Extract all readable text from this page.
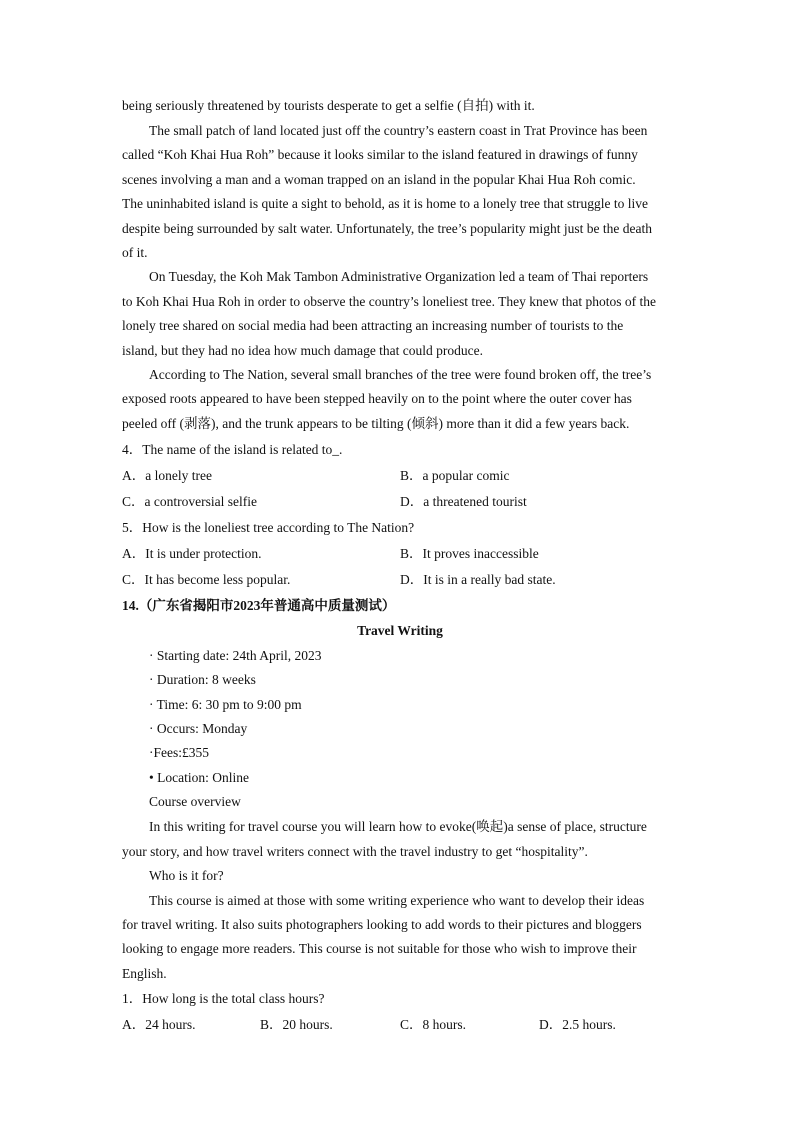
being seriously threatened by tourists desperate to get a selfie (自拍) with it.
The small patch of land located just off the country’s eastern coast in Trat Province has been
called “Koh Khai Hua Roh” because it looks similar to the island featured in drawings of funny
scenes involving a man and a woman trapped on an island in the popular Khai Hua Roh comic.
The uninhabited island is quite a sight to behold, as it is home to a lonely tree that struggle to live
despite being surrounded by salt water. Unfortunately, the tree’s popularity might just be the death
of it.
On Tuesday, the Koh Mak Tambon Administrative Organization led a team of Thai reporters
to Koh Khai Hua Roh in order to observe the country’s loneliest tree. They knew that photos of the
lonely tree shared on social media had been attracting an increasing number of tourists to the
island, but they had no idea how much damage that could produce.
According to The Nation, several small branches of the tree were found broken off, the tree’s
exposed roots appeared to have been stepped heavily on to the point where the outer cover has
peeled off (剥落), and the trunk appears to be tilting (倾斜) more than it did a few years back.
4．The name of the island is related to_.
A．a lonely tree	B．a popular comic
C．a controversial selfie	D．a threatened tourist
5．How is the loneliest tree according to The Nation?
A．It is under protection.	B．It proves inaccessible
C．It has become less popular.	D．It is in a really bad state.
14.（广东省揭阳市2023年普通高中质量测试）
Travel Writing
· Starting date: 24th April, 2023
· Duration: 8 weeks
· Time: 6: 30 pm to 9:00 pm
· Occurs: Monday
·Fees:£355
• Location: Online
Course overview
In this writing for travel course you will learn how to evoke(唤起)a sense of place, structure
your story, and how travel writers connect with the travel industry to get “hospitality”.
Who is it for?
This course is aimed at those with some writing experience who want to develop their ideas
for travel writing. It also suits photographers looking to add words to their pictures and bloggers
looking to engage more readers. This course is not suitable for those who wish to improve their
English.
1．How long is the total class hours?
A．24 hours.	B．20 hours.	C．8 hours.	D．2.5 hours.
